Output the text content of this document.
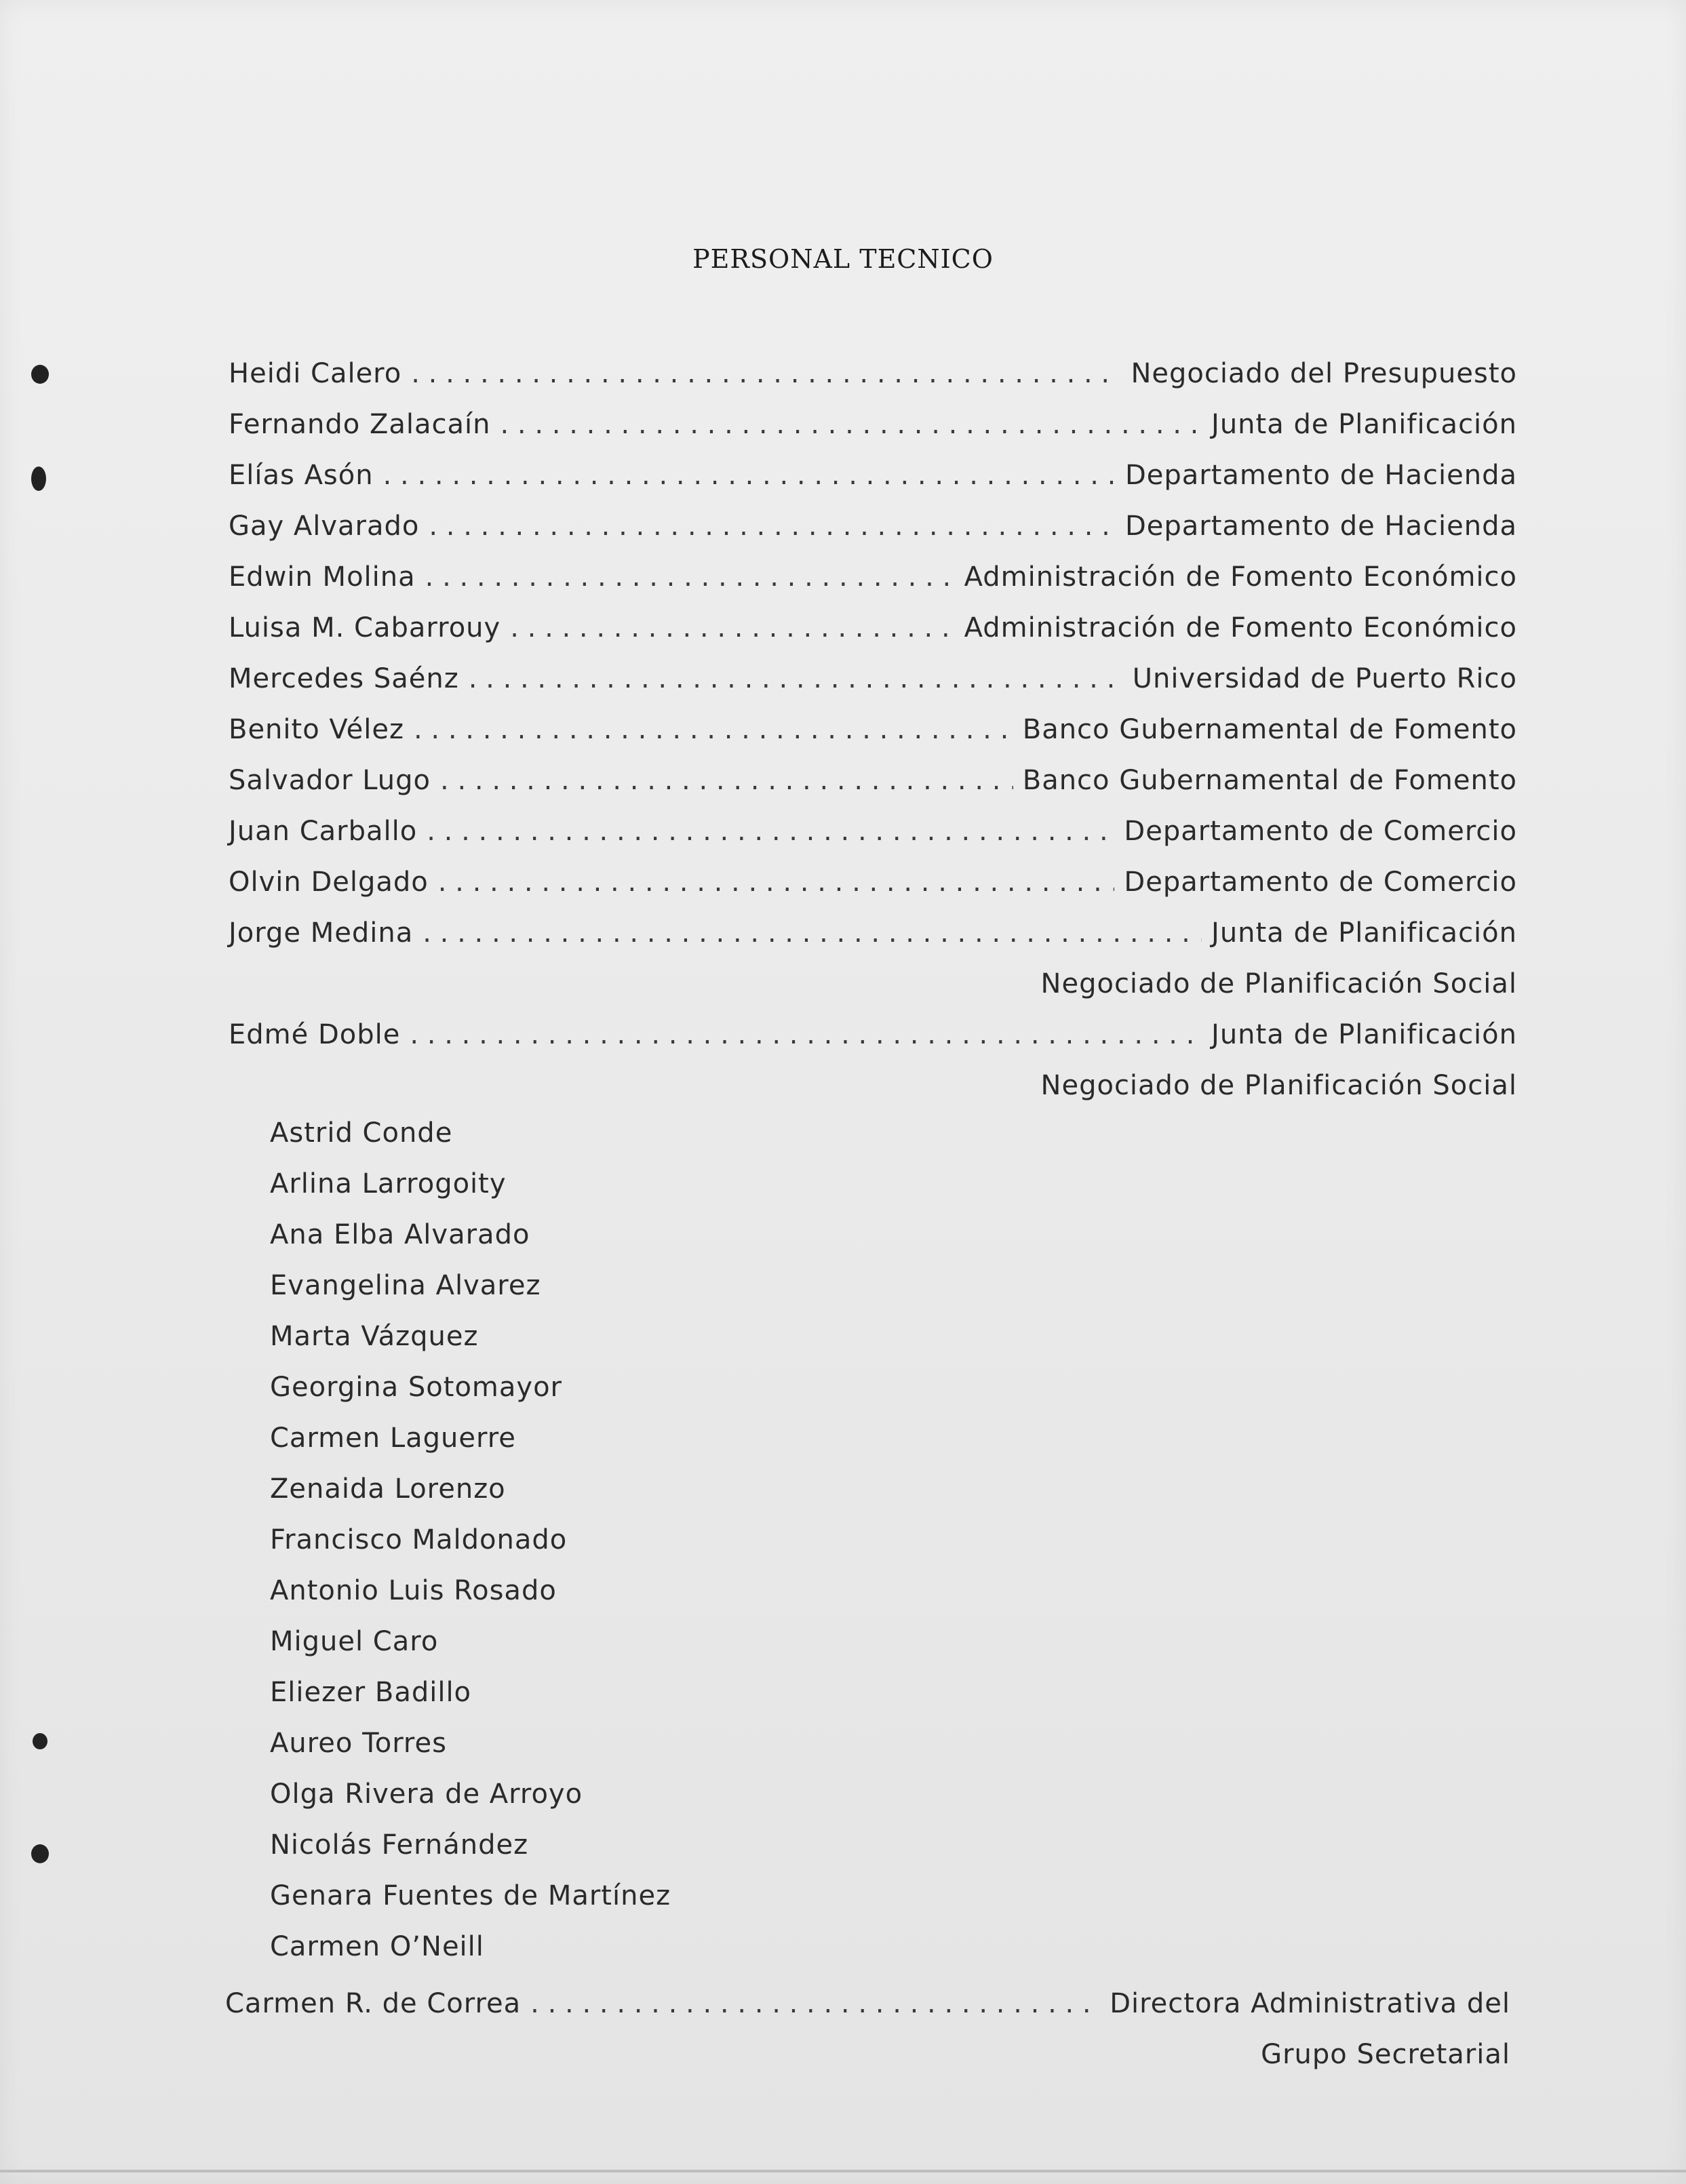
PERSONAL TECNICO
Heidi Calero . . .	Negociado del Presupuesto
Fernando Zalacaín . . .	Junta de Planificación
Elías Asón . . .	Departamento de Hacienda
Gay Alvarado . . .	Departamento de Hacienda
Edwin Molina . . .	Administración de Fomento Económico
Luisa M. Cabarrouy . . .	Administración de Fomento Económico
Mercedes Saénz . . .	Universidad de Puerto Rico
Benito Vélez . . .	Banco Gubernamental de Fomento
Salvador Lugo . . .	Banco Gubernamental de Fomento
Juan Carballo . . .	Departamento de Comercio
Olvin Delgado . . .	Departamento de Comercio
Jorge Medina . . .	Junta de Planificación
Negociado de Planificación Social
Edmé Doble . . .	Junta de Planificación
Negociado de Planificación Social
Astrid Conde
Arlina Larrogoity
Ana Elba Alvarado
Evangelina Alvarez
Marta Vázquez
Georgina Sotomayor
Carmen Laguerre
Zenaida Lorenzo
Francisco Maldonado
Antonio Luis Rosado
Miguel Caro
Eliezer Badillo
Aureo Torres
Olga Rivera de Arroyo
Nicolás Fernández
Genara Fuentes de Martínez
Carmen O’Neill
Carmen R. de Correa . . .	Directora Administrativa del
Grupo Secretarial
